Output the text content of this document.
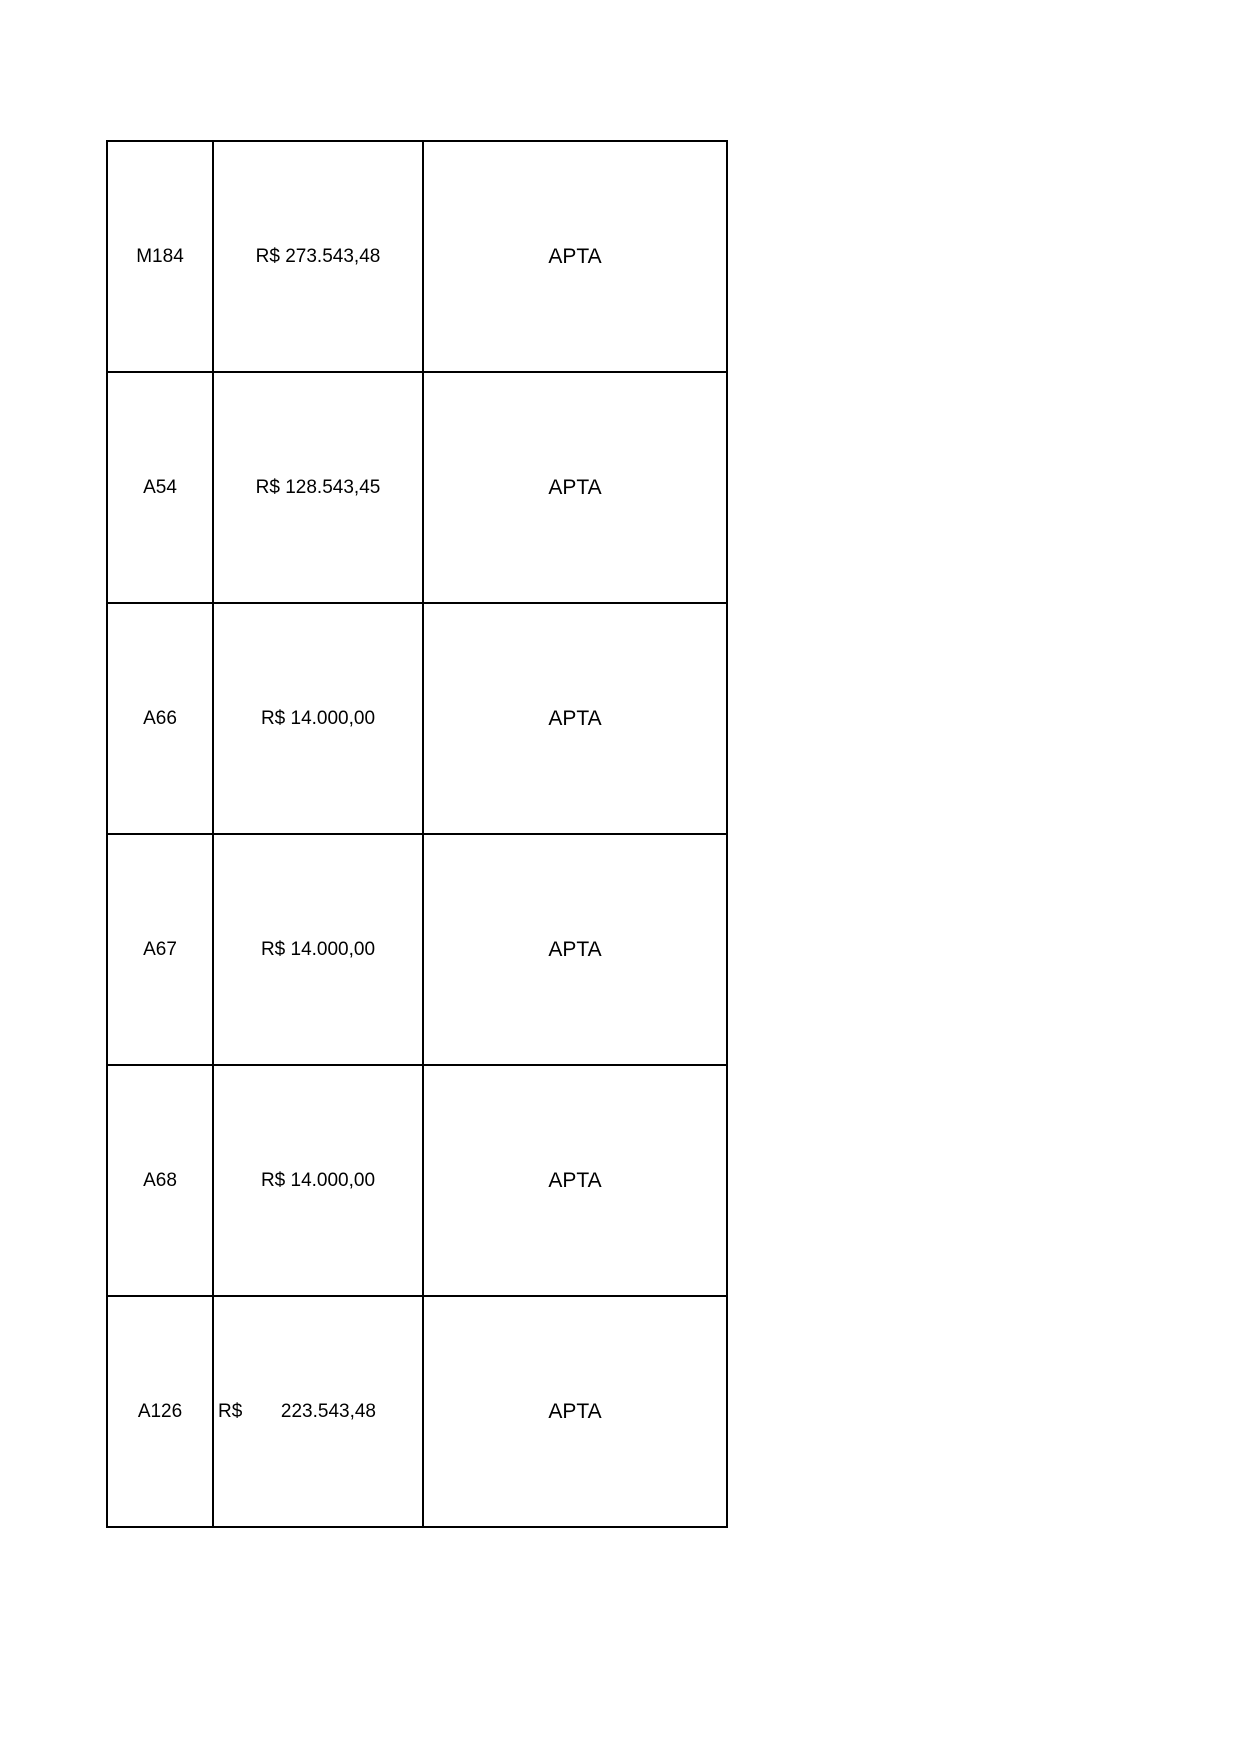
M184	R$ 273.543,48	APTA
A54	R$ 128.543,45	APTA
A66	R$ 14.000,00	APTA
A67	R$ 14.000,00	APTA
A68	R$ 14.000,00	APTA
A126	R$ 223.543,48	APTA
